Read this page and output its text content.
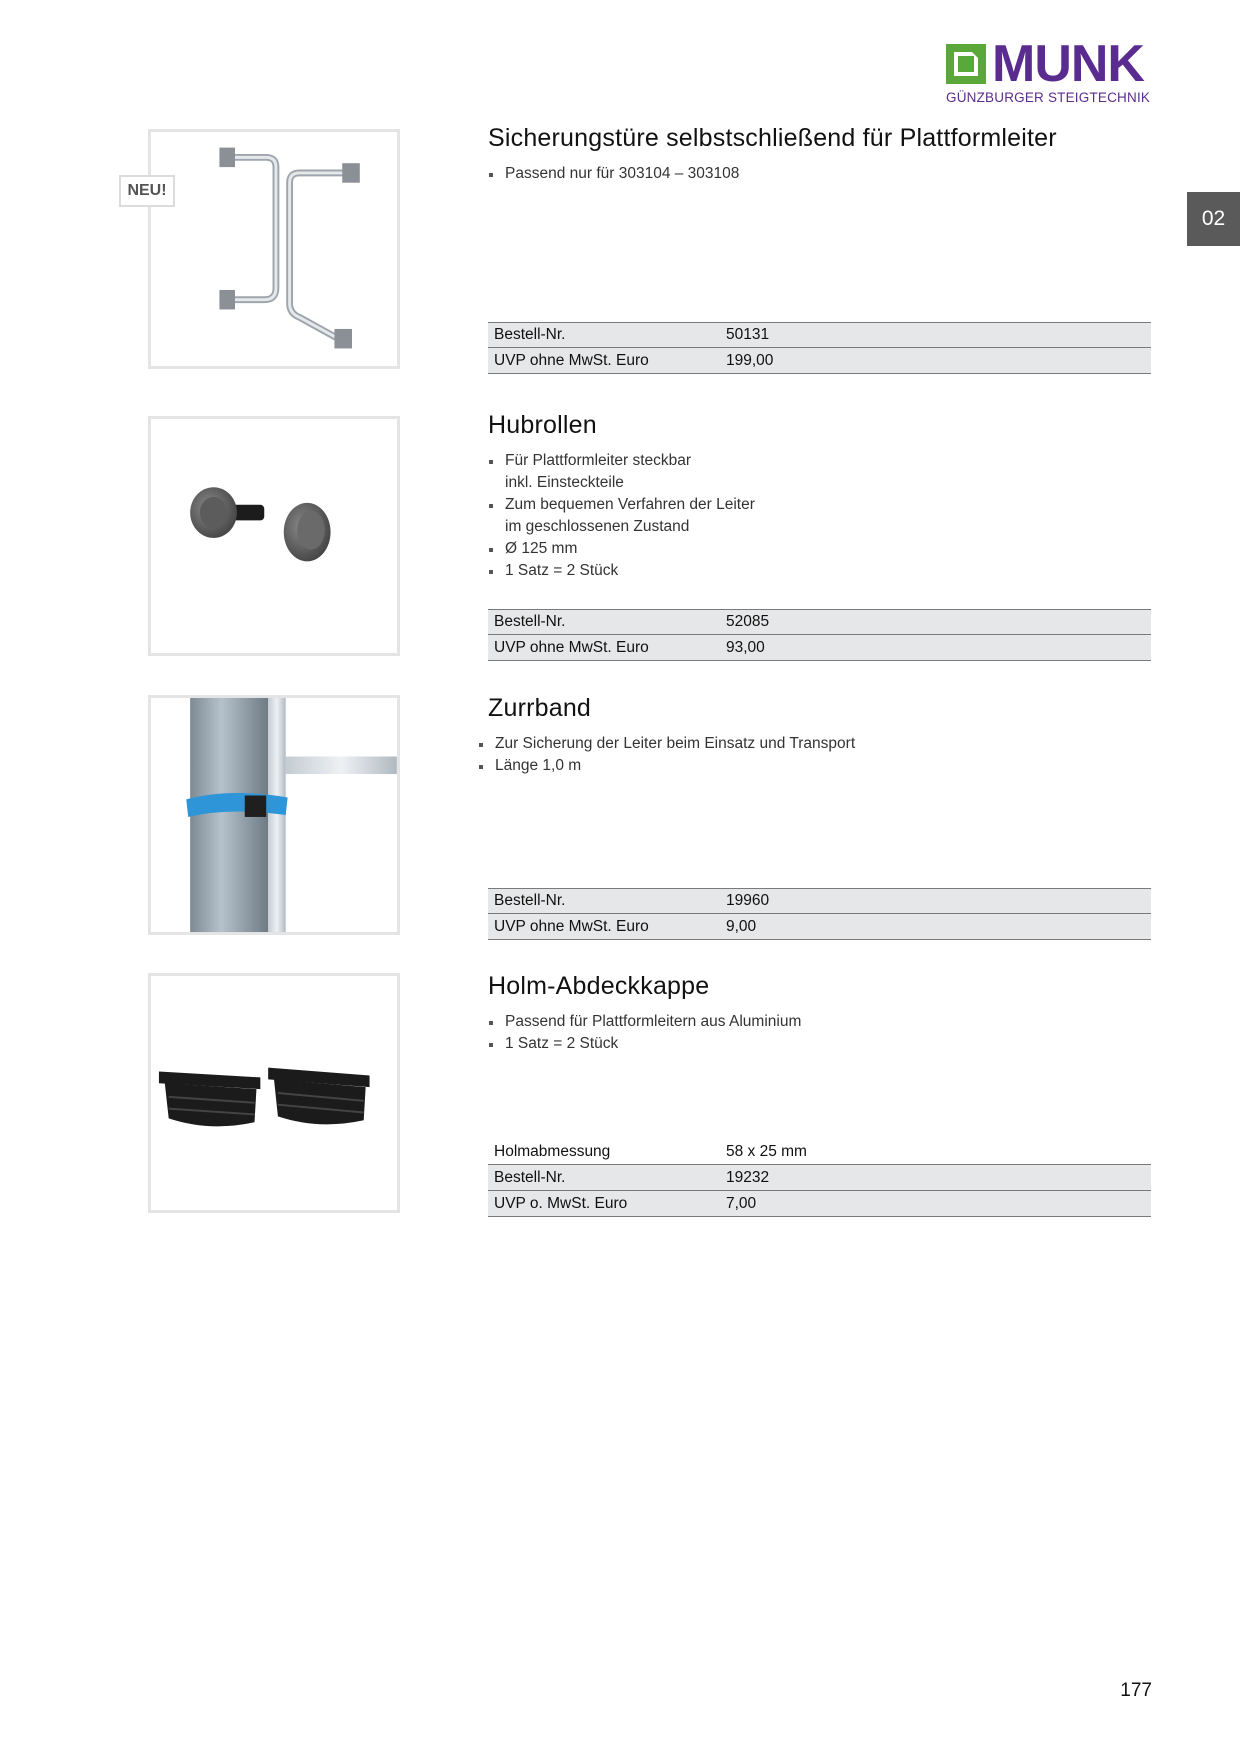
MUNK
GÜNZBURGER STEIGTECHNIK
02
NEU!
Sicherungstüre selbstschließend für Plattformleiter
Passend nur für 303104 – 303108
Bestell-Nr.	50131
UVP ohne MwSt. Euro	199,00
Hubrollen
Für Plattformleiter steckbar
inkl. Einsteckteile
Zum bequemen Verfahren der Leiter
im geschlossenen Zustand
Ø 125 mm
1 Satz = 2 Stück
Bestell-Nr.	52085
UVP ohne MwSt. Euro	93,00
Zurrband
Zur Sicherung der Leiter beim Einsatz und Transport
Länge 1,0 m
Bestell-Nr.	19960
UVP ohne MwSt. Euro	9,00
Holm-Abdeckkappe
Passend für Plattformleitern aus Aluminium
1 Satz = 2 Stück
Holmabmessung	58 x 25 mm
Bestell-Nr.	19232
UVP o. MwSt. Euro	7,00
177
